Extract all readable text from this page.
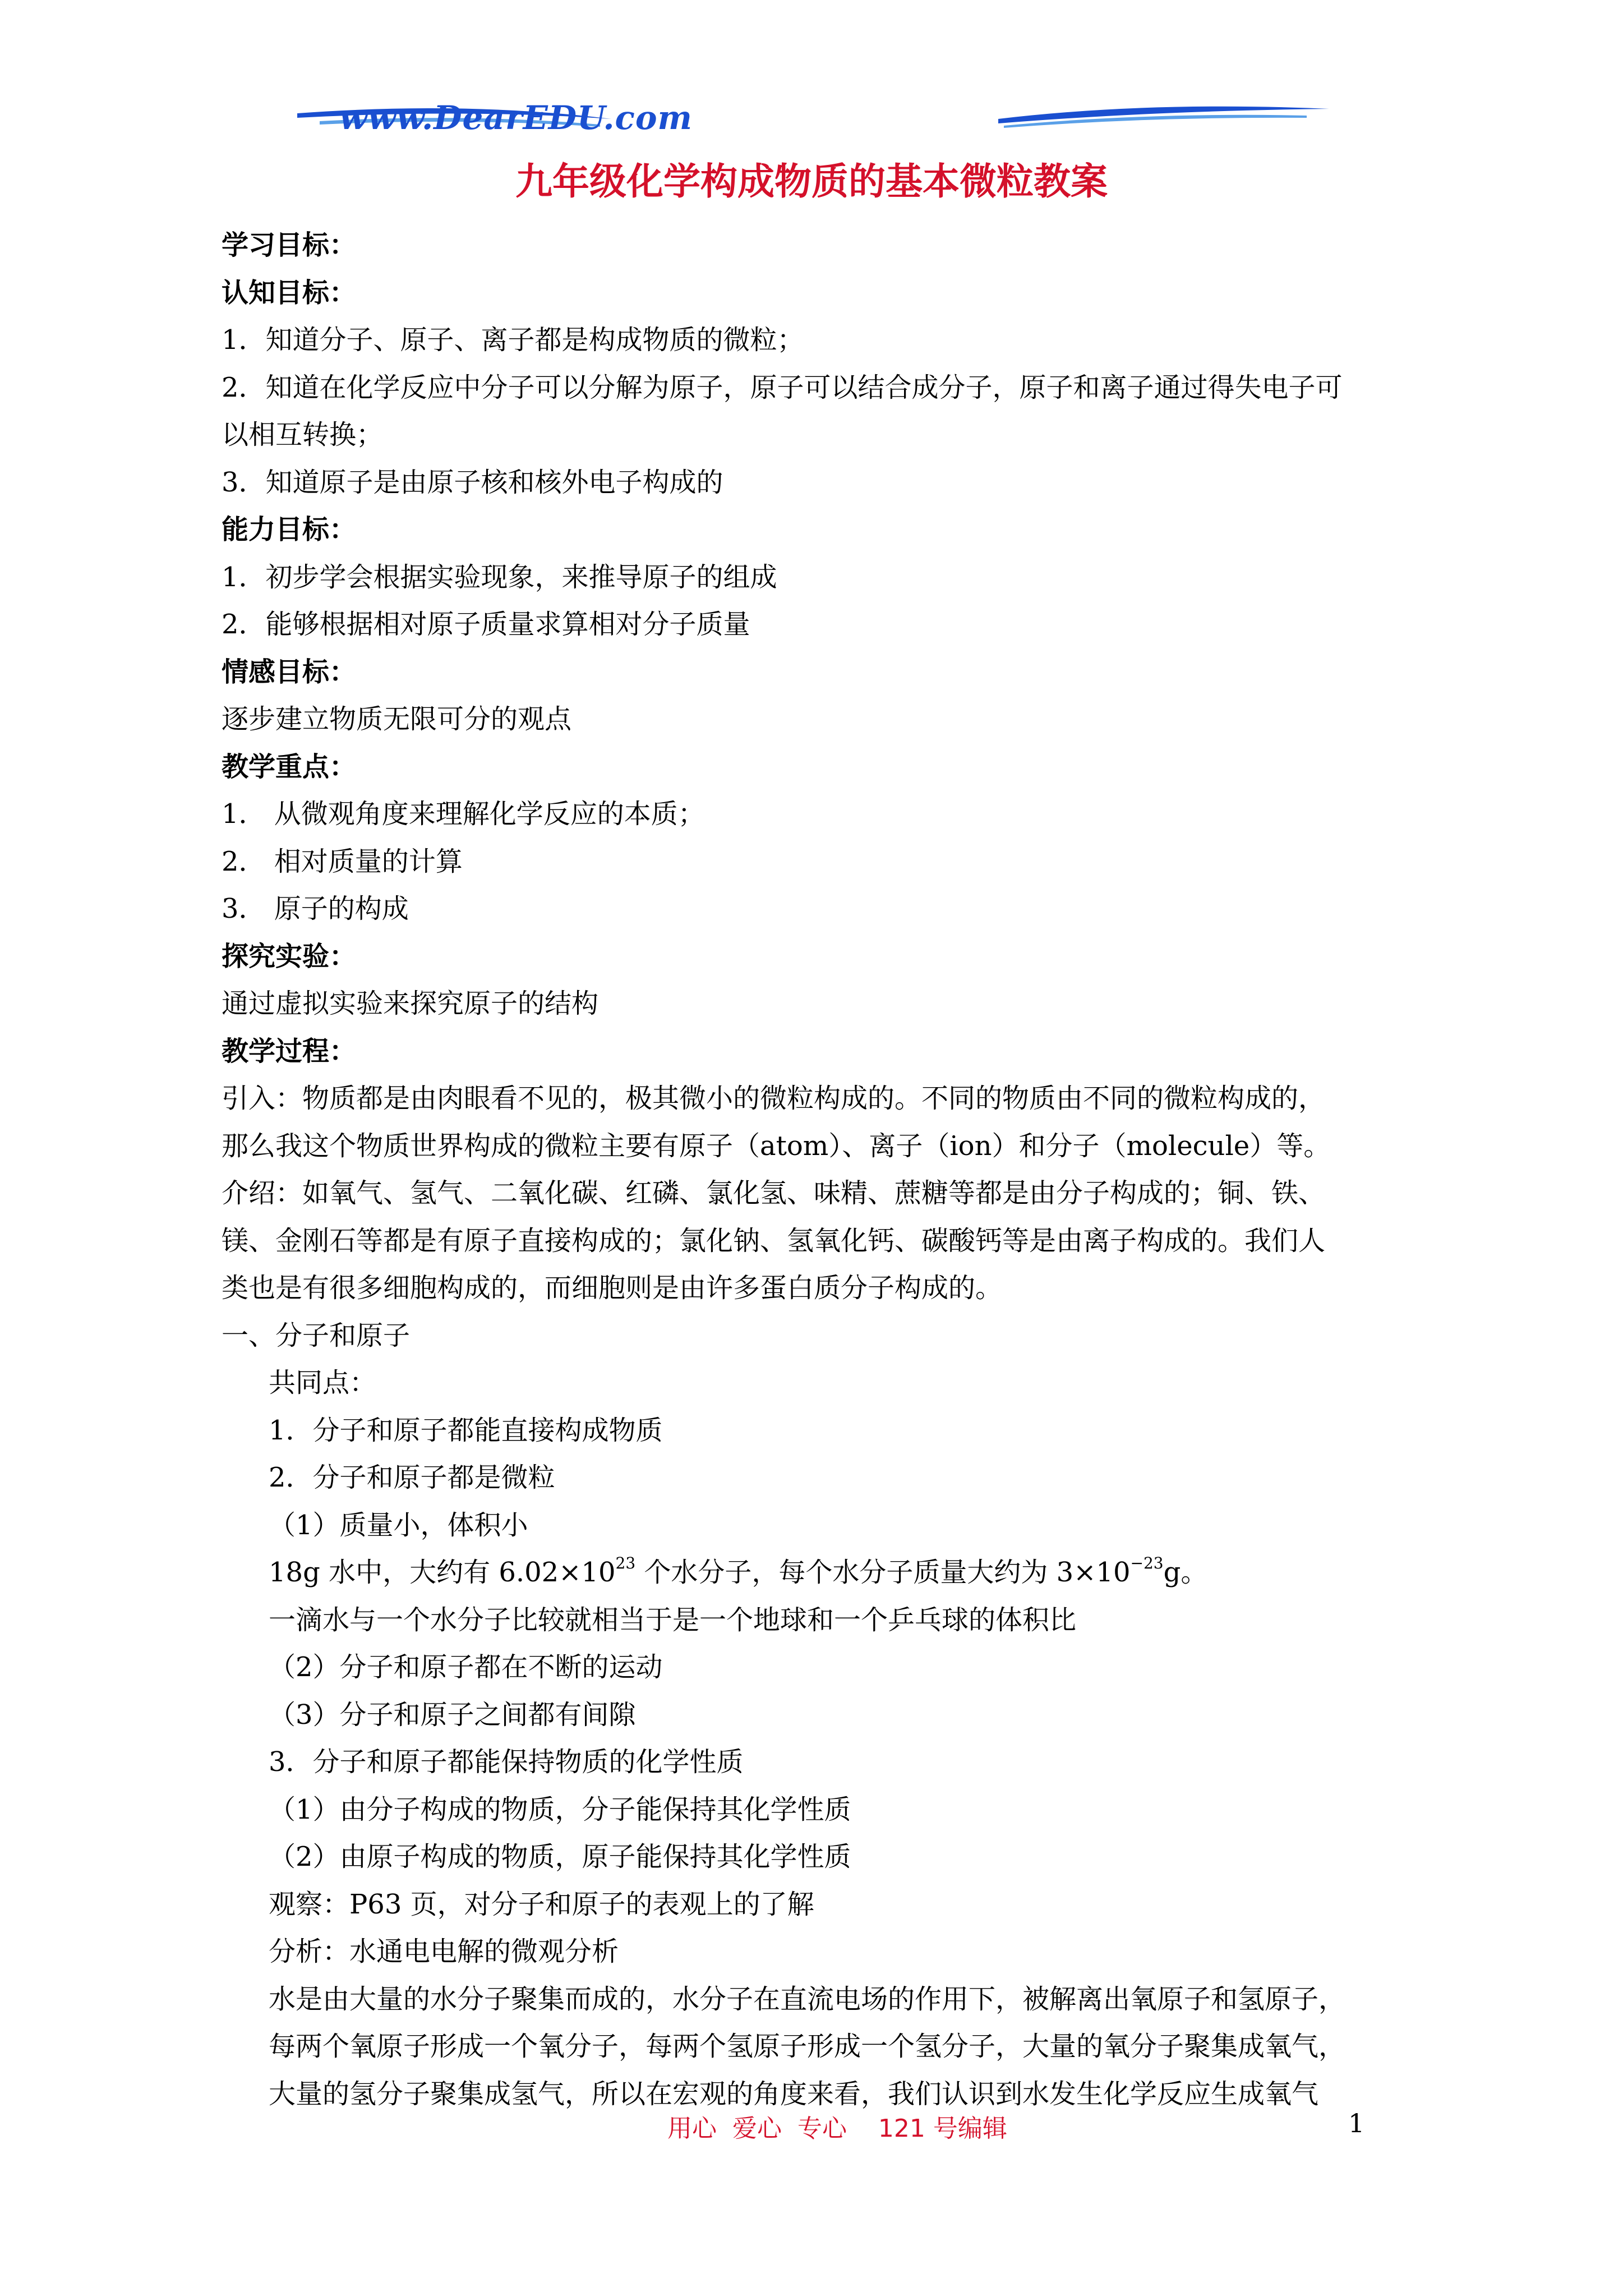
www.DearEDU.com
九年级化学构成物质的基本微粒教案
学习目标：
认知目标：
1．知道分子、原子、离子都是构成物质的微粒；
2．知道在化学反应中分子可以分解为原子，原子可以结合成分子，原子和离子通过得失电子可
以相互转换；
3．知道原子是由原子核和核外电子构成的
能力目标：
1．初步学会根据实验现象，来推导原子的组成
2．能够根据相对原子质量求算相对分子质量
情感目标：
逐步建立物质无限可分的观点
教学重点：
1． 从微观角度来理解化学反应的本质；
2． 相对质量的计算
3． 原子的构成
探究实验：
通过虚拟实验来探究原子的结构
教学过程：
引入：物质都是由肉眼看不见的，极其微小的微粒构成的。不同的物质由不同的微粒构成的，
那么我这个物质世界构成的微粒主要有原子（atom）、离子（ion）和分子（molecule）等。
介绍：如氧气、氢气、二氧化碳、红磷、氯化氢、味精、蔗糖等都是由分子构成的；铜、铁、
镁、金刚石等都是有原子直接构成的；氯化钠、氢氧化钙、碳酸钙等是由离子构成的。我们人
类也是有很多细胞构成的，而细胞则是由许多蛋白质分子构成的。
一、分子和原子
共同点：
1．分子和原子都能直接构成物质
2．分子和原子都是微粒
（1）质量小，体积小
18g 水中，大约有 $6.02\times 10^{23}$ 个水分子，每个水分子质量大约为 $3\times 10^{-23}g$。
一滴水与一个水分子比较就相当于是一个地球和一个乒乓球的体积比
（2）分子和原子都在不断的运动
（3）分子和原子之间都有间隙
3．分子和原子都能保持物质的化学性质
（1）由分子构成的物质，分子能保持其化学性质
（2）由原子构成的物质，原子能保持其化学性质
观察：P63 页，对分子和原子的表观上的了解
分析：水通电电解的微观分析
水是由大量的水分子聚集而成的，水分子在直流电场的作用下，被解离出氧原子和氢原子，
每两个氧原子形成一个氧分子，每两个氢原子形成一个氢分子，大量的氧分子聚集成氧气，
大量的氢分子聚集成氢气，所以在宏观的角度来看，我们认识到水发生化学反应生成氧气
用心  爱心  专心    121 号编辑	1
